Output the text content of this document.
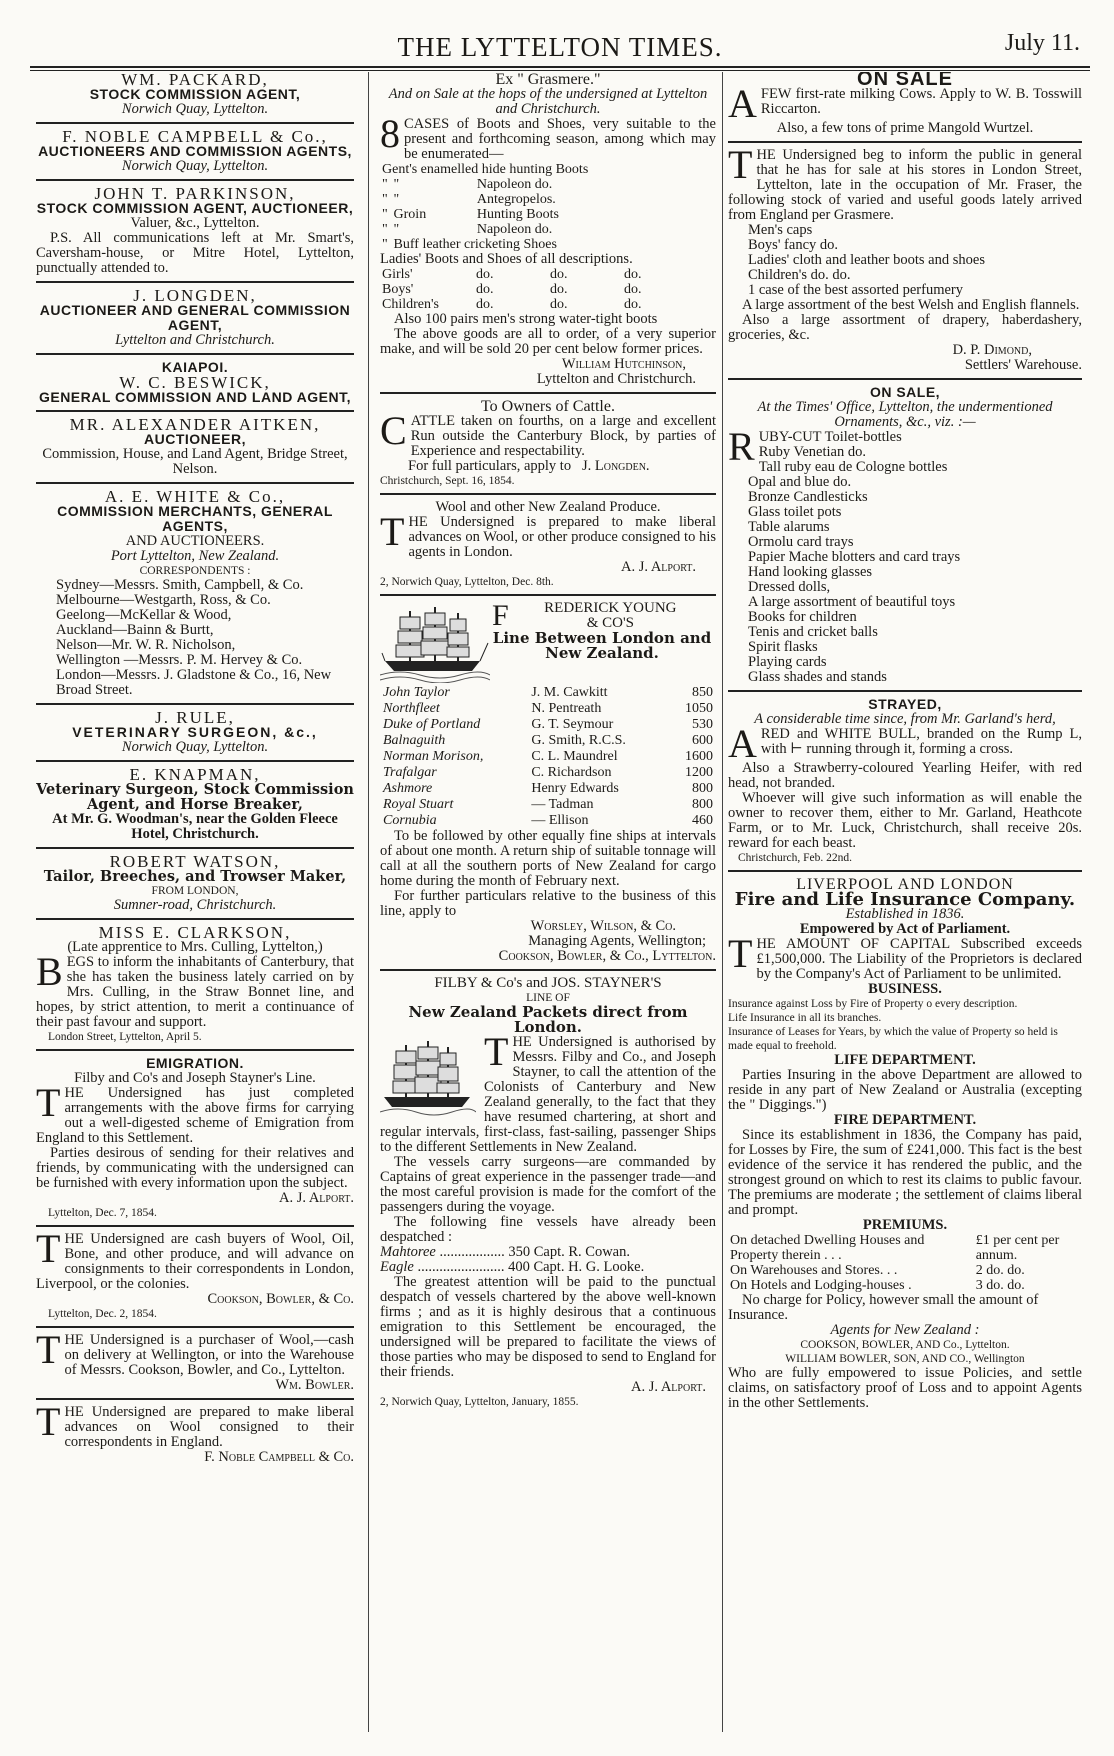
THE LYTTELTON TIMES.	July 11.
WM. PACKARD,
STOCK COMMISSION AGENT,
Norwich Quay, Lyttelton.
F. NOBLE CAMPBELL & Co.,
AUCTIONEERS AND COMMISSION AGENTS,
Norwich Quay, Lyttelton.
JOHN T. PARKINSON,
STOCK COMMISSION AGENT, AUCTIONEER,
Valuer, &c., Lyttelton.
P.S. All communications left at Mr. Smart's, Caversham-house, or Mitre Hotel, Lyttelton, punctually attended to.
J. LONGDEN,
AUCTIONEER AND GENERAL COMMISSION AGENT,
Lyttelton and Christchurch.
KAIAPOI.
W. C. BESWICK,
GENERAL COMMISSION AND LAND AGENT,
MR. ALEXANDER AITKEN,
AUCTIONEER,
Commission, House, and Land Agent, Bridge Street, Nelson.
A. E. WHITE & Co.,
COMMISSION MERCHANTS, GENERAL AGENTS,
AND AUCTIONEERS.
Port Lyttelton, New Zealand.
CORRESPONDENTS :
Sydney—Messrs. Smith, Campbell, & Co.
Melbourne—Westgarth, Ross, & Co.
Geelong—McKellar & Wood,
Auckland—Bainn & Burtt,
Nelson—Mr. W. R. Nicholson,
Wellington —Messrs. P. M. Hervey & Co.
London—Messrs. J. Gladstone & Co., 16, New Broad Street.
J. RULE,
VETERINARY SURGEON, &c.,
Norwich Quay, Lyttelton.
E. KNAPMAN,
Veterinary Surgeon, Stock Commission Agent, and Horse Breaker,
At Mr. G. Woodman's, near the Golden Fleece Hotel, Christchurch.
ROBERT WATSON,
Tailor, Breeches, and Trowser Maker,
FROM LONDON,
Sumner-road, Christchurch.
MISS E. CLARKSON,
(Late apprentice to Mrs. Culling, Lyttelton,)
BEGS to inform the inhabitants of Canterbury, that she has taken the business lately carried on by Mrs. Culling, in the Straw Bonnet line, and hopes, by strict attention, to merit a continuance of their past favour and support.
London Street, Lyttelton, April 5.
EMIGRATION.
Filby and Co's and Joseph Stayner's Line.
THE Undersigned has just completed arrangements with the above firms for carrying out a well-digested scheme of Emigration from England to this Settlement.
Parties desirous of sending for their relatives and friends, by communicating with the undersigned can be furnished with every information upon the subject.
A. J. Alport.
Lyttelton, Dec. 7, 1854.
THE Undersigned are cash buyers of Wool, Oil, Bone, and other produce, and will advance on consignments to their correspondents in London, Liverpool, or the colonies.
Cookson, Bowler, & Co.
Lyttelton, Dec. 2, 1854.
THE Undersigned is a purchaser of Wool,—cash on delivery at Wellington, or into the Warehouse of Messrs. Cookson, Bowler, and Co., Lyttelton.
Wm. Bowler.
THE Undersigned are prepared to make liberal advances on Wool consigned to their correspondents in England.
F. Noble Campbell & Co.
Ex " Grasmere."
And on Sale at the hops of the undersigned at Lyttelton and Christchurch.
8 CASES of Boots and Shoes, very suitable to the present and forthcoming season, among which may be enumerated—
Gent's enamelled hide hunting Boots		
"	"	Napoleon do.
"	"	Antegropelos.
"	Groin	Hunting Boots
"	"	Napoleon do.
"	Buff leather cricketing Shoes	
Ladies' Boots and Shoes of all descriptions.
Girls'	do.	do.	do.
Boys'	do.	do.	do.
Children's	do.	do.	do.
Also 100 pairs men's strong water-tight boots
The above goods are all to order, of a very superior make, and will be sold 20 per cent below former prices.
William Hutchinson,
Lyttelton and Christchurch.
To Owners of Cattle.
CATTLE taken on fourths, on a large and excellent Run outside the Canterbury Block, by parties of Experience and respectability.
For full particulars, apply to J. Longden.
Christchurch, Sept. 16, 1854.
Wool and other New Zealand Produce.
THE Undersigned is prepared to make liberal advances on Wool, or other produce consigned to his agents in London.
A. J. Alport.
2, Norwich Quay, Lyttelton, Dec. 8th.
F REDERICK YOUNG
& CO'S
Line Between London and New Zealand.
John Taylor	J. M. Cawkitt	850
Northfleet	N. Pentreath	1050
Duke of Portland	G. T. Seymour	530
Balnaguith	G. Smith, R.C.S.	600
Norman Morison,	C. L. Maundrel	1600
Trafalgar	C. Richardson	1200
Ashmore	Henry Edwards	800
Royal Stuart	— Tadman	800
Cornubia	— Ellison	460
To be followed by other equally fine ships at intervals of about one month. A return ship of suitable tonnage will call at all the southern ports of New Zealand for cargo home during the month of February next.
For further particulars relative to the business of this line, apply to
Worsley, Wilson, & Co.
Managing Agents, Wellington;
Cookson, Bowler, & Co., Lyttelton.
FILBY & Co's and JOS. STAYNER'S
LINE OF
New Zealand Packets direct from London.
THE Undersigned is authorised by Messrs. Filby and Co., and Joseph Stayner, to call the attention of the Colonists of Canterbury and New Zealand generally, to the fact that they have resumed chartering, at short and regular intervals, first-class, fast-sailing, passenger Ships to the different Settlements in New Zealand.
The vessels carry surgeons—are commanded by Captains of great experience in the passenger trade—and the most careful provision is made for the comfort of the passengers during the voyage.
The following fine vessels have already been despatched :
Mahtoree .................. 350 Capt. R. Cowan.
Eagle ........................ 400 Capt. H. G. Looke.
The greatest attention will be paid to the punctual despatch of vessels chartered by the above well-known firms ; and as it is highly desirous that a continuous emigration to this Settlement be encouraged, the undersigned will be prepared to facilitate the views of those parties who may be disposed to send to England for their friends.
A. J. Alport.
2, Norwich Quay, Lyttelton, January, 1855.
ON SALE
AFEW first-rate milking Cows. Apply to W. B. Tosswill Riccarton.
Also, a few tons of prime Mangold Wurtzel.
THE Undersigned beg to inform the public in general that he has for sale at his stores in London Street, Lyttelton, late in the occupation of Mr. Fraser, the following stock of varied and useful goods lately arrived from England per Grasmere.
Men's caps
Boys' fancy do.
Ladies' cloth and leather boots and shoes
Children's do. do.
1 case of the best assorted perfumery
A large assortment of the best Welsh and English flannels.
Also a large assortment of drapery, haberdashery, groceries, &c.
D. P. Dimond,
Settlers' Warehouse.
ON SALE,
At the Times' Office, Lyttelton, the undermentioned Ornaments, &c., viz. :—
RUBY-CUT Toilet-bottles
Ruby Venetian do.
Tall ruby eau de Cologne bottles
Opal and blue do.
Bronze Candlesticks
Glass toilet pots
Table alarums
Ormolu card trays
Papier Mache blotters and card trays
Hand looking glasses
Dressed dolls,
A large assortment of beautiful toys
Books for children
Tenis and cricket balls
Spirit flasks
Playing cards
Glass shades and stands
STRAYED,
A considerable time since, from Mr. Garland's herd,
ARED and WHITE BULL, branded on the Rump L, with ⊢ running through it, forming a cross.
Also a Strawberry-coloured Yearling Heifer, with red head, not branded.
Whoever will give such information as will enable the owner to recover them, either to Mr. Garland, Heathcote Farm, or to Mr. Luck, Christchurch, shall receive 20s. reward for each beast.
Christchurch, Feb. 22nd.
LIVERPOOL AND LONDON
Fire and Life Insurance Company.
Established in 1836.
Empowered by Act of Parliament.
THE AMOUNT OF CAPITAL Subscribed exceeds £1,500,000. The Liability of the Proprietors is declared by the Company's Act of Parliament to be unlimited.
BUSINESS.
Insurance against Loss by Fire of Property o every description.
Life Insurance in all its branches.
Insurance of Leases for Years, by which the value of Property so held is made equal to freehold.
LIFE DEPARTMENT.
Parties Insuring in the above Department are allowed to reside in any part of New Zealand or Australia (excepting the " Diggings.")
FIRE DEPARTMENT.
Since its establishment in 1836, the Company has paid, for Losses by Fire, the sum of £241,000. This fact is the best evidence of the service it has rendered the public, and the strongest ground on which to rest its claims to public favour. The premiums are moderate ; the settlement of claims liberal and prompt.
PREMIUMS.
On detached Dwelling Houses and Property therein . . .	£1 per cent per annum.
On Warehouses and Stores. . .	2 do. do.
On Hotels and Lodging-houses .	3 do. do.
No charge for Policy, however small the amount of Insurance.
Agents for New Zealand :
COOKSON, BOWLER, AND Co., Lyttelton.
WILLIAM BOWLER, SON, AND CO., Wellington
Who are fully empowered to issue Policies, and settle claims, on satisfactory proof of Loss and to appoint Agents in the other Settlements.
